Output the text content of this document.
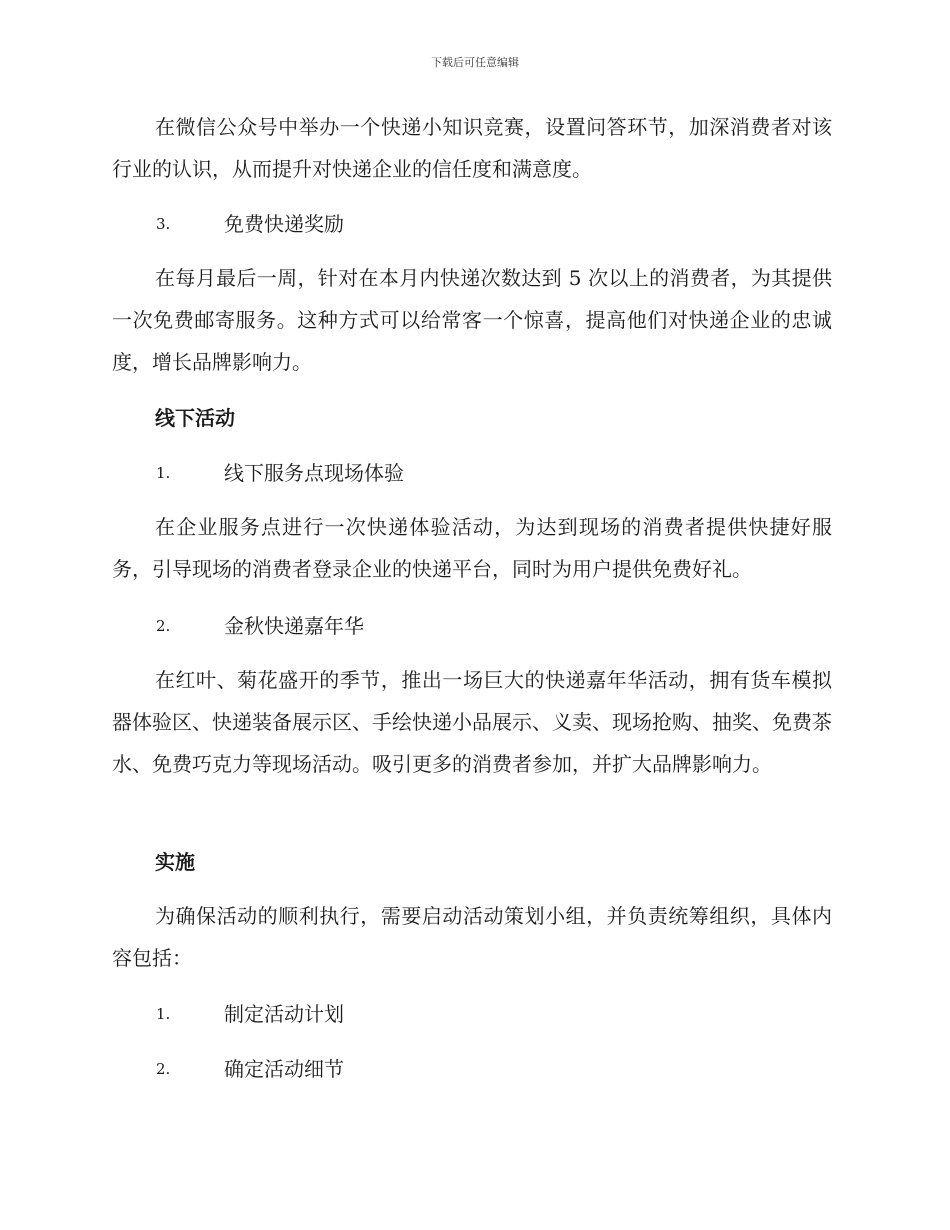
下载后可任意编辑

在微信公众号中举办一个快递小知识竞赛，设置问答环节，加深消费者对该行业的认识，从而提升对快递企业的信任度和满意度。

3.	免费快递奖励

在每月最后一周，针对在本月内快递次数达到 5 次以上的消费者，为其提供一次免费邮寄服务。这种方式可以给常客一个惊喜，提高他们对快递企业的忠诚度，增长品牌影响力。

线下活动
1.	线下服务点现场体验

在企业服务点进行一次快递体验活动，为达到现场的消费者提供快捷好服务，引导现场的消费者登录企业的快递平台，同时为用户提供免费好礼。

2.	金秋快递嘉年华

在红叶、菊花盛开的季节，推出一场巨大的快递嘉年华活动，拥有货车模拟器体验区、快递装备展示区、手绘快递小品展示、义卖、现场抢购、抽奖、免费茶水、免费巧克力等现场活动。吸引更多的消费者参加，并扩大品牌影响力。

实施

为确保活动的顺利执行，需要启动活动策划小组，并负责统筹组织，具体内容包括：

1.	制定活动计划
2.	确定活动细节
